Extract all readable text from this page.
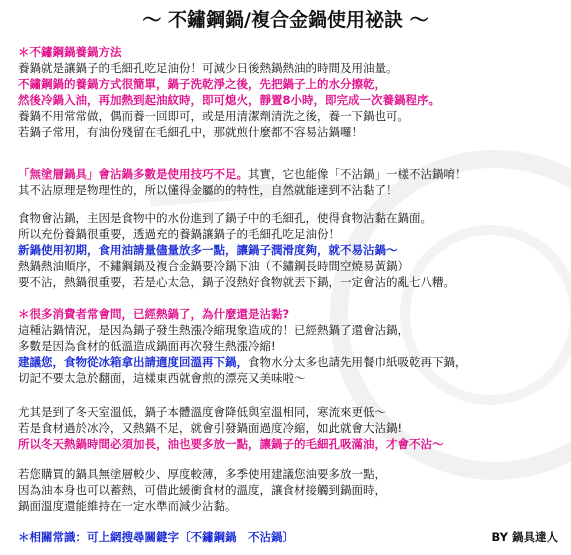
～ 不鏽鋼鍋/複合金鍋使用祕訣 ～
＊不鏽鋼鍋養鍋方法
養鍋就是讓鍋子的毛細孔吃足油份！可減少日後熱鍋熱油的時間及用油量。
不鏽鋼鍋的養鍋方式很簡單，鍋子洗乾淨之後，先把鍋子上的水分擦乾，
然後冷鍋入油，再加熱到起油紋時，即可熄火，靜置8小時，即完成一次養鍋程序。
養鍋不用常常做，偶而養一回即可，或是用清潔劑清洗之後，養一下鍋也可。
若鍋子常用，有油份殘留在毛細孔中，那就煎什麼都不容易沾鍋囉！
「無塗層鍋具」會沾鍋多數是使用技巧不足。其實，它也能像「不沾鍋」一樣不沾鍋唷！
其不沾原理是物理性的，所以懂得金屬的的特性，自然就能達到不沾黏了！
食物會沾鍋，主因是食物中的水份進到了鍋子中的毛細孔，使得食物沾黏在鍋面。
所以充份養鍋很重要，透過充的養鍋讓鍋子的毛細孔吃足油份！
新鍋使用初期，食用油請量儘量放多一點，讓鍋子潤滑度夠，就不易沾鍋～
熱鍋熱油順序，不鏽鋼鍋及複合金鍋要冷鍋下油（不鏽鋼長時間空燒易黃鍋）
要不沾，熱鍋很重要，若是心太急，鍋子沒熱好食物就丟下鍋，一定會沾的亂七八糟。
＊很多消費者常會問，已經熱鍋了，為什麼還是沾黏?
這種沾鍋情況，是因為鍋子發生熱漲冷縮現象造成的！已經熱鍋了還會沾鍋，
多數是因為食材的低溫造成鍋面再次發生熱漲冷縮!
建議您，食物從冰箱拿出請適度回溫再下鍋，食物水分太多也請先用餐巾紙吸乾再下鍋，
切記不要太急於翻面，這樣東西就會煎的漂亮又美味啦～
尤其是到了冬天室溫低，鍋子本體溫度會降低與室溫相同，寒流來更低～
若是食材過於冰冷，又熱鍋不足，就會引發鍋面過度冷縮，如此就會大沾鍋!
所以冬天熱鍋時間必須加長，油也要多放一點，讓鍋子的毛細孔吸滿油，才會不沾～
若您購買的鍋具無塗層較少、厚度較薄，多季使用建議您油要多放一點，
因為油本身也可以蓄熱，可借此緩衝食材的溫度，讓食材接觸到鍋面時，
鍋面溫度還能維持在一定水準而減少沾黏。
＊相關常識：可上網搜尋關鍵字〔不鏽鋼鍋　不沾鍋〕	BY 鍋具達人
